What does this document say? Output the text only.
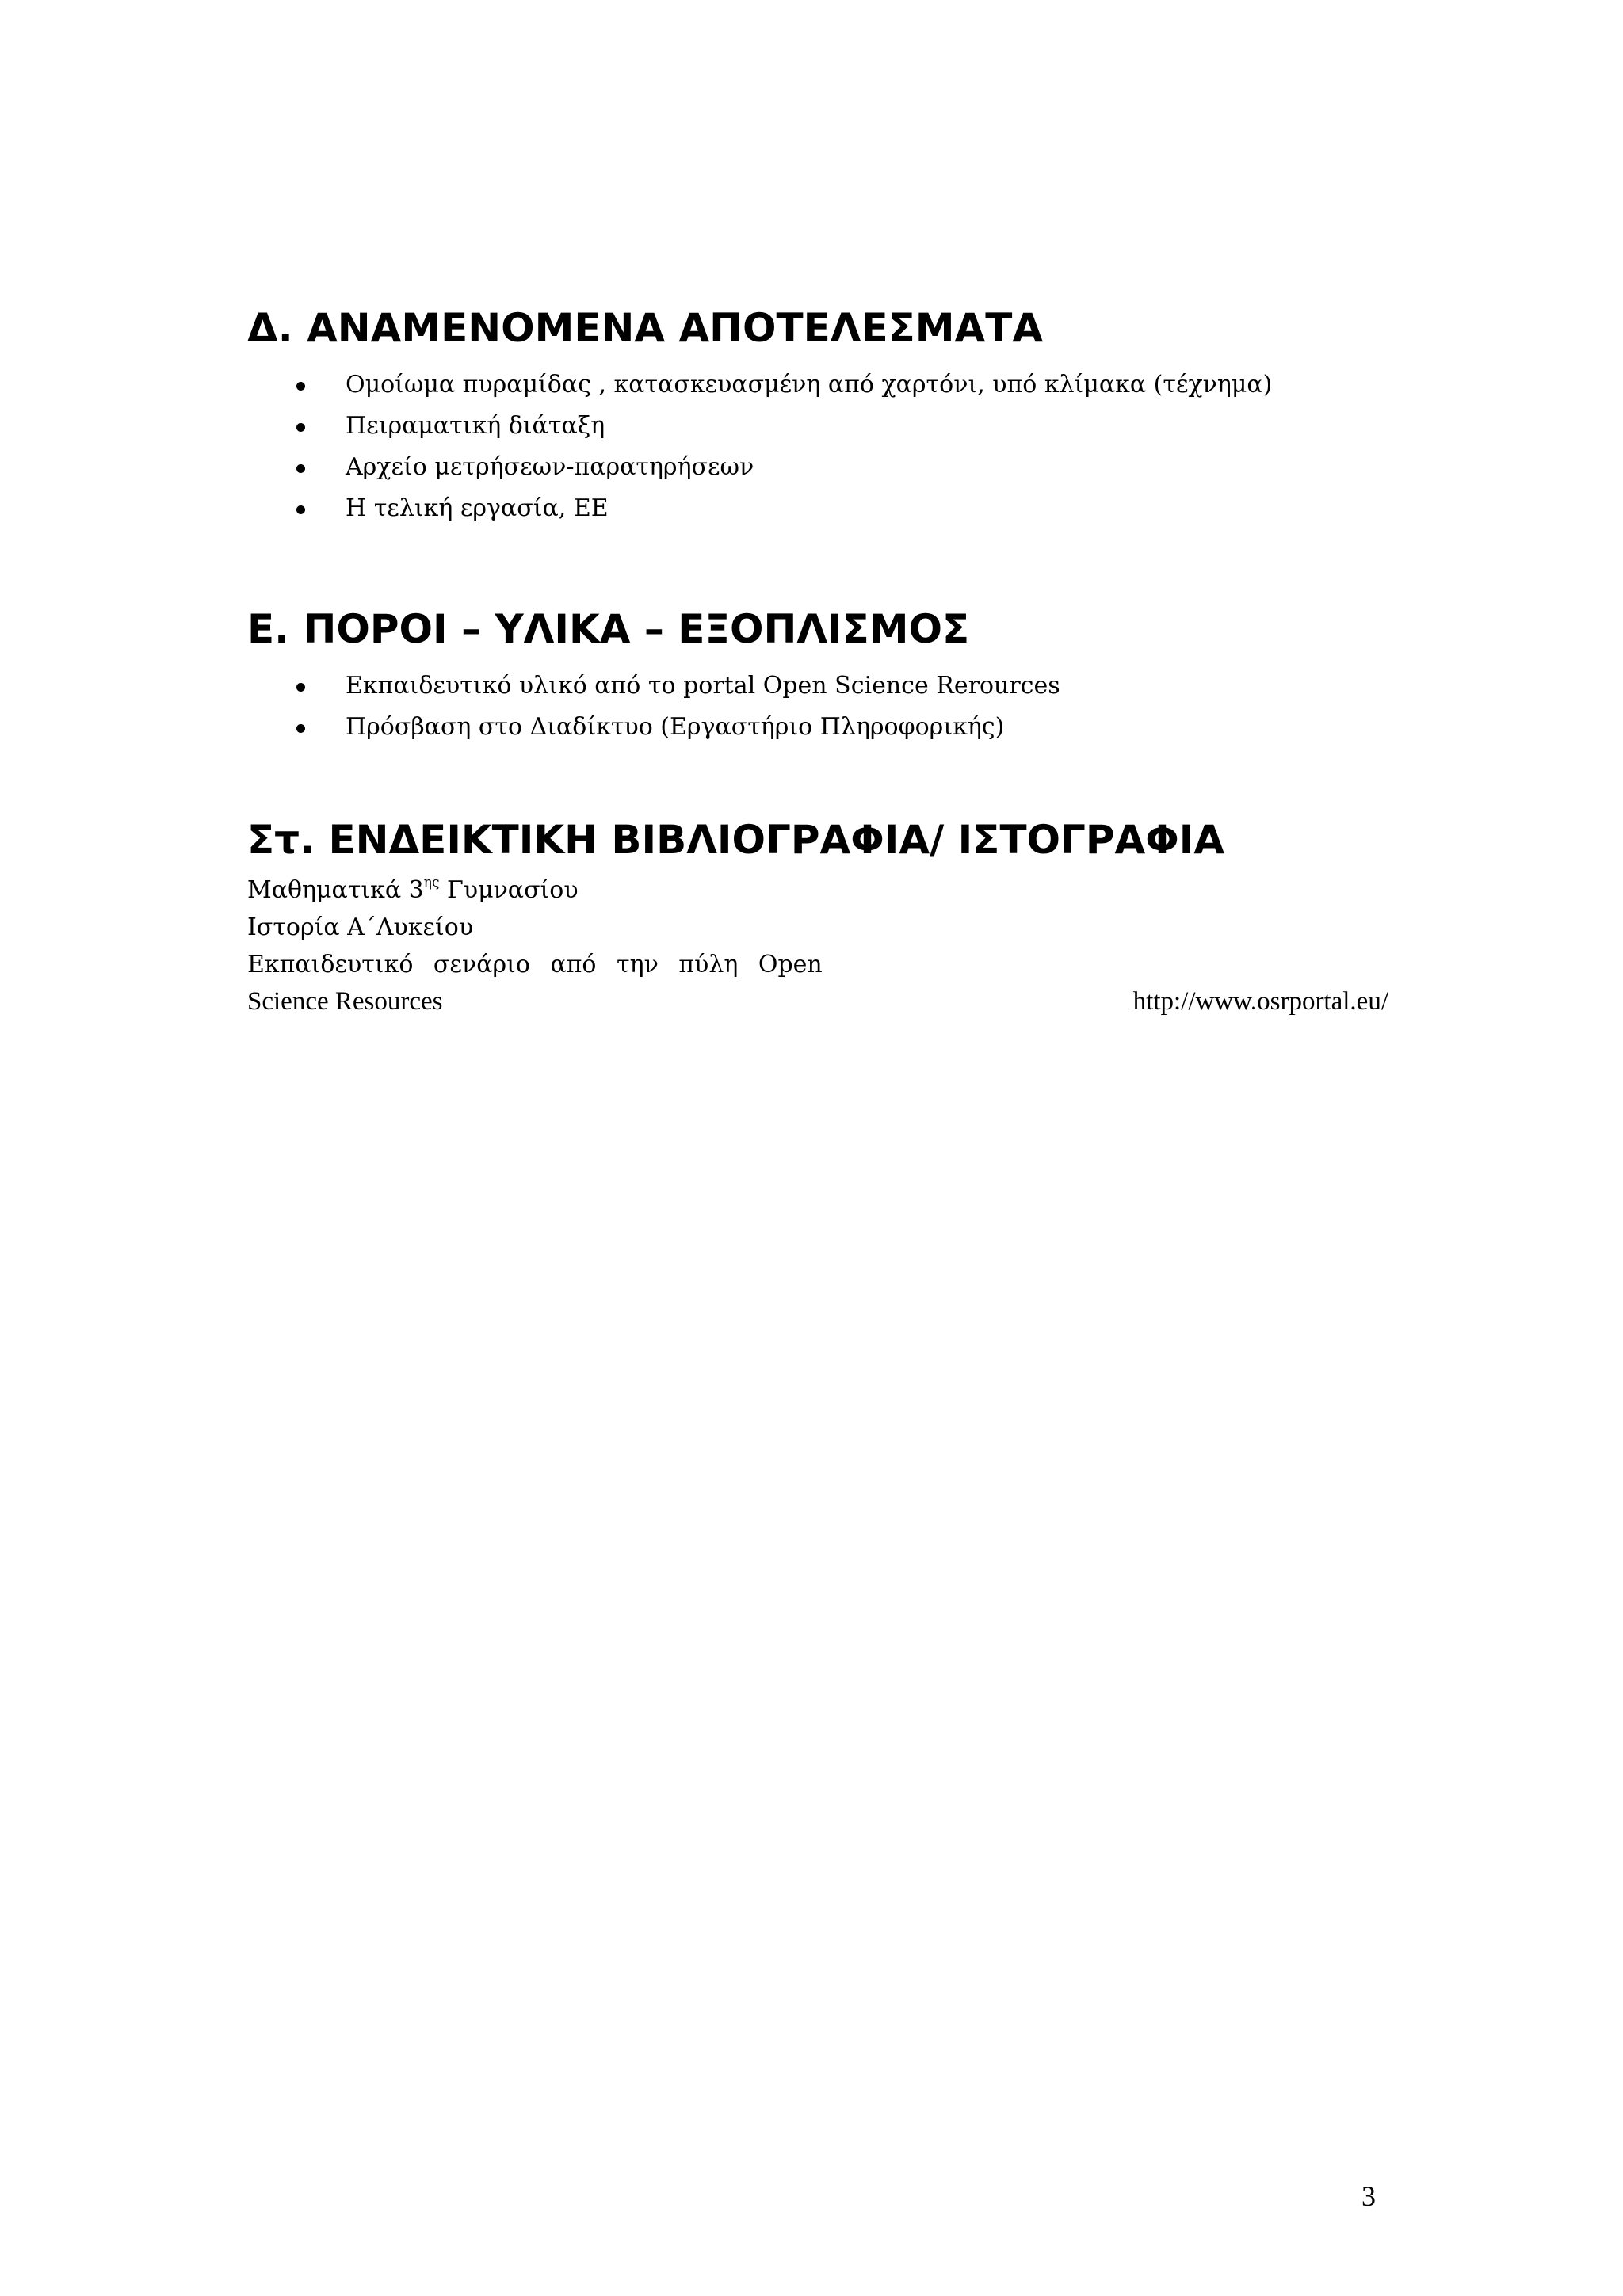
Δ. ΑΝΑΜΕΝΟΜΕΝΑ ΑΠΟΤΕΛΕΣΜΑΤΑ
Ομοίωμα πυραμίδας , κατασκευασμένη από χαρτόνι, υπό κλίμακα (τέχνημα)
Πειραματική διάταξη
Αρχείο μετρήσεων-παρατηρήσεων
Η τελική εργασία, ΕΕ
Ε. ΠΟΡΟΙ – ΥΛΙΚΑ – ΕΞΟΠΛΙΣΜΟΣ
Εκπαιδευτικό υλικό από το portal Open Science Rerources
Πρόσβαση στο Διαδίκτυο (Εργαστήριο Πληροφορικής)
Στ. ΕΝΔΕΙΚΤΙΚΗ ΒΙΒΛΙΟΓΡΑΦΙΑ/ ΙΣΤΟΓΡΑΦΙΑ
Μαθηματικά $3^{\eta\varsigma}$ Γυμνασίου
Ιστορία Α΄Λυκείου
Εκπαιδευτικό σενάριο από την πύλη Open
Science Resources	http://www.osrportal.eu/
3
